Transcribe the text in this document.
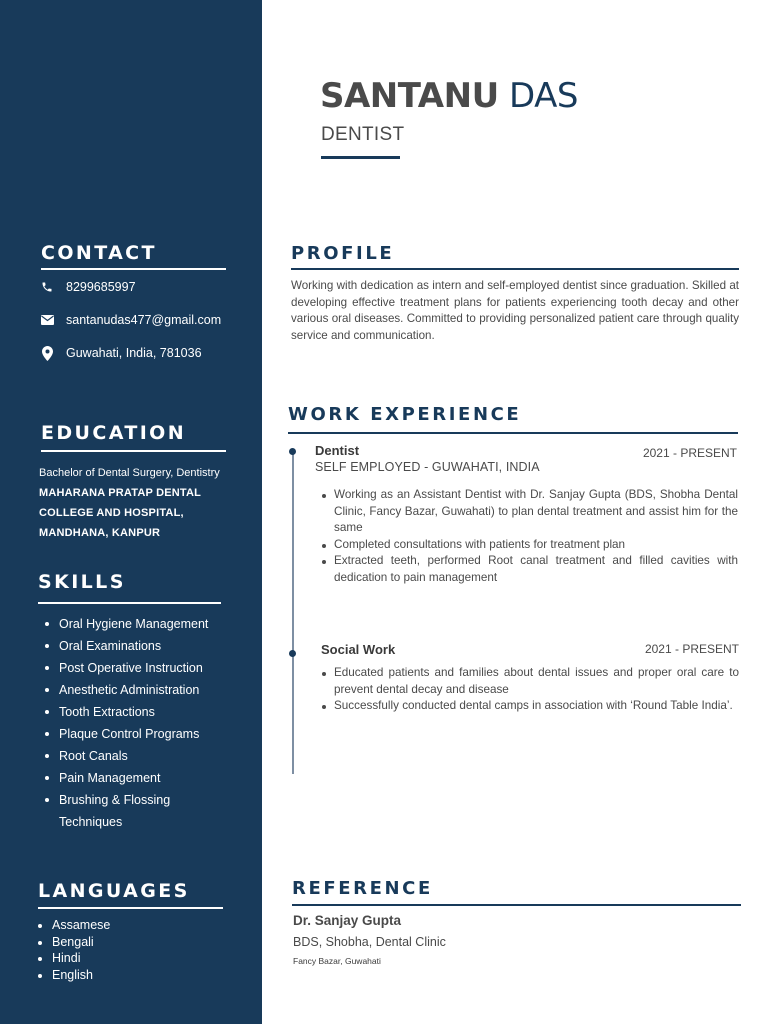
CONTACT
8299685997
santanudas477@gmail.com
Guwahati, India, 781036
EDUCATION
Bachelor of Dental Surgery, Dentistry
MAHARANA PRATAP DENTAL
COLLEGE AND HOSPITAL,
MANDHANA, KANPUR
SKILLS
Oral Hygiene Management
Oral Examinations
Post Operative Instruction
Anesthetic Administration
Tooth Extractions
Plaque Control Programs
Root Canals
Pain Management
Brushing & Flossing
Techniques
LANGUAGES
Assamese
Bengali
Hindi
English
SANTANU DAS
DENTIST
PROFILE
Working with dedication as intern and self-employed dentist since graduation. Skilled at developing effective treatment plans for patients experiencing tooth decay and other various oral diseases. Committed to providing personalized patient care through quality service and communication.
WORK EXPERIENCE
Dentist	2021 - PRESENT
SELF EMPLOYED - GUWAHATI, INDIA
Working as an Assistant Dentist with Dr. Sanjay Gupta (BDS, Shobha Dental Clinic, Fancy Bazar, Guwahati) to plan dental treatment and assist him for the same
Completed consultations with patients for treatment plan
Extracted teeth, performed Root canal treatment and filled cavities with dedication to pain management
Social Work	2021 - PRESENT
Educated patients and families about dental issues and proper oral care to prevent dental decay and disease
Successfully conducted dental camps in association with ‘Round Table India’.
REFERENCE
Dr. Sanjay Gupta
BDS, Shobha, Dental Clinic
Fancy Bazar, Guwahati
